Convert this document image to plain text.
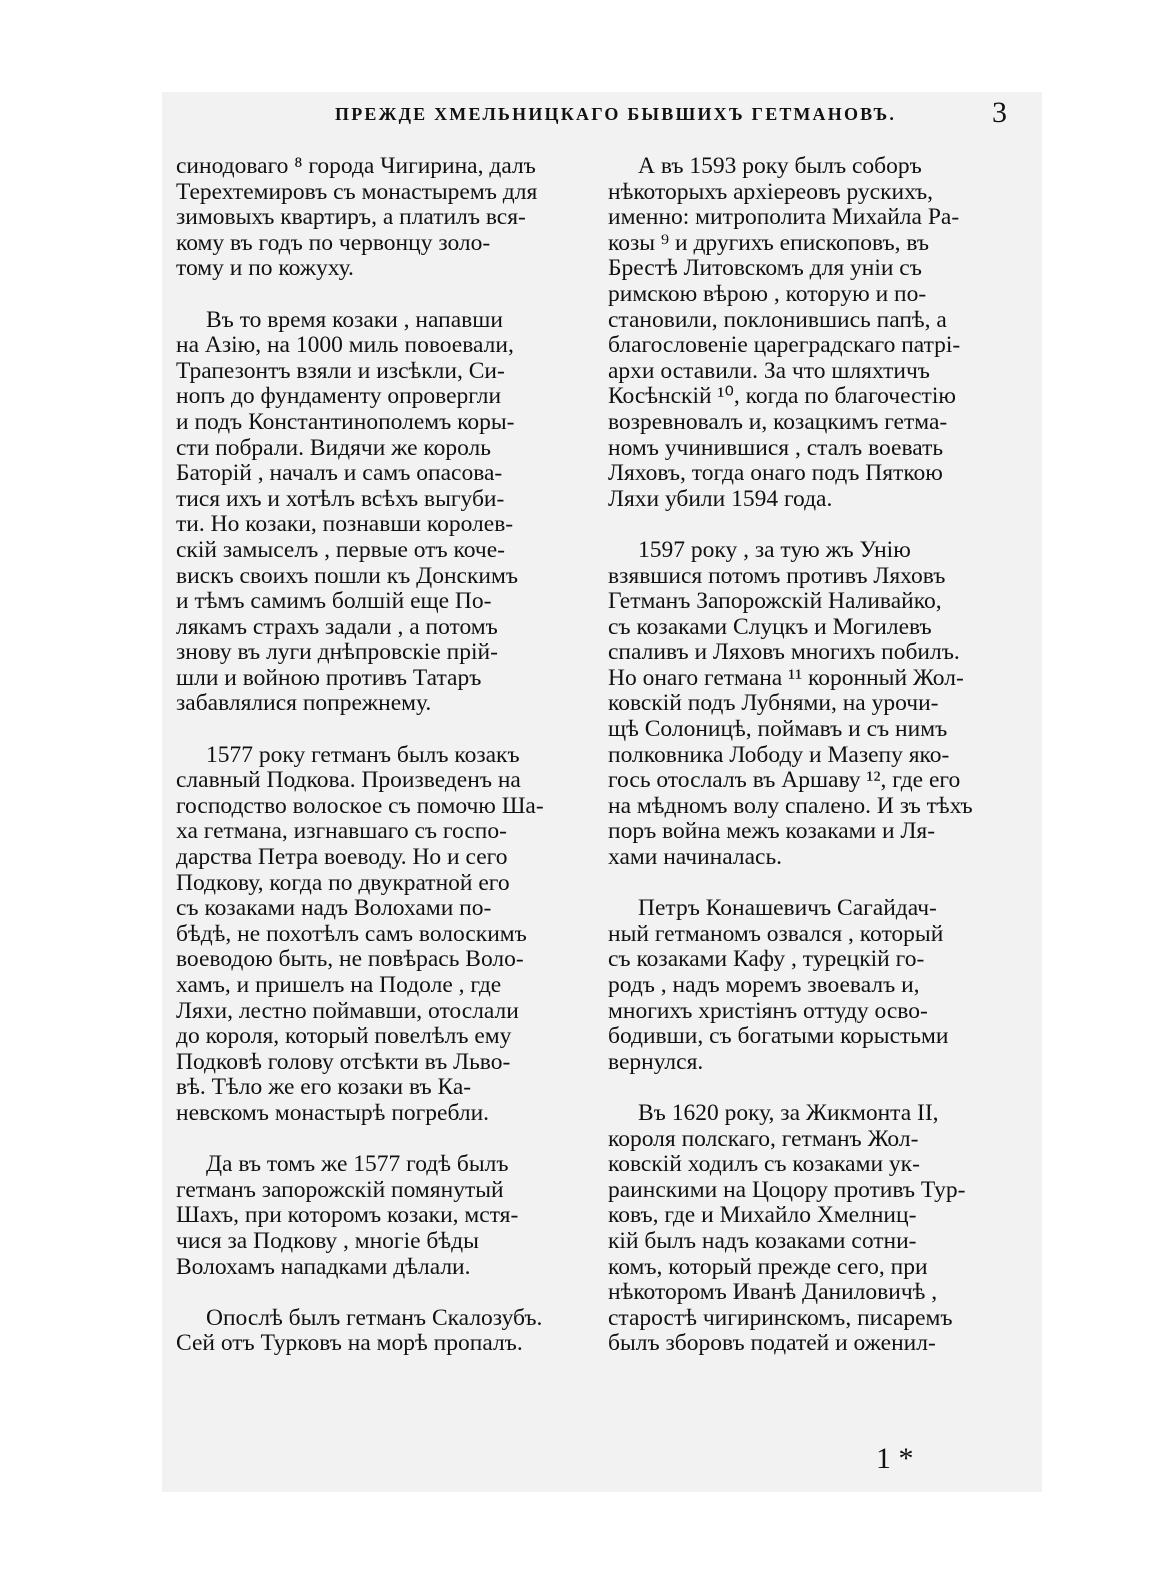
ПРЕЖДЕ ХМЕЛЬНИЦКАГО БЫВШИХЪ ГЕТМАНОВЪ.	3
синодоваго ⁸ города Чигирина, далъ
Терехтемировъ съ монастыремъ для
зимовыхъ квартиръ, а платилъ вся-
кому въ годъ по червонцу золо-
тому и по кожуху.
Въ то время козаки , напавши
на Азію, на 1000 миль повоевали,
Трапезонтъ взяли и изсѣкли, Си-
нопъ до фундаменту опровергли
и подъ Константинополемъ коры-
сти побрали. Видячи же король
Баторій , началъ и самъ опасова-
тися ихъ и хотѣлъ всѣхъ выгуби-
ти. Но козаки, познавши королев-
скій замыселъ , первые отъ коче-
вискъ своихъ пошли къ Донскимъ
и тѣмъ самимъ болшій еще По-
лякамъ страхъ задали , а потомъ
знову въ луги днѣпровскіе прій-
шли и войною противъ Татаръ
забавлялися попрежнему.
1577 року гетманъ былъ козакъ
славный Подкова. Произведенъ на
господство волоское съ помочю Ша-
ха гетмана, изгнавшаго съ госпо-
дарства Петра воеводу. Но и сего
Подкову, когда по двукратной его
съ козаками надъ Волохами по-
бѣдѣ, не похотѣлъ самъ волоскимъ
воеводою быть, не повѣрась Воло-
хамъ, и пришелъ на Подоле , где
Ляхи, лестно поймавши, отослали
до короля, который повелѣлъ ему
Подковѣ голову отсѣкти въ Льво-
вѣ. Тѣло же его козаки въ Ка-
невскомъ монастырѣ погребли.
Да въ томъ же 1577 годѣ былъ
гетманъ запорожскій помянутый
Шахъ, при которомъ козаки, мстя-
чися за Подкову , многіе бѣды
Волохамъ нападками дѣлали.
Опослѣ былъ гетманъ Скалозубъ.
Сей отъ Турковъ на морѣ пропалъ.
А въ 1593 року былъ соборъ
нѣкоторыхъ архіереовъ рускихъ,
именно: митрополита Михайла Ра-
козы ⁹ и другихъ епископовъ, въ
Брестѣ Литовскомъ для уніи съ
римскою вѣрою , которую и по-
становили, поклонившись папѣ, а
благословеніе цареградскаго патрі-
архи оставили. За что шляхтичъ
Косѣнскій ¹⁰, когда по благочестію
возревновалъ и, козацкимъ гетма-
номъ учинившися , сталъ воевать
Ляховъ, тогда онаго подъ Пяткою
Ляхи убили 1594 года.
1597 року , за тую жъ Унію
взявшися потомъ противъ Ляховъ
Гетманъ Запорожскій Наливайко,
съ козаками Слуцкъ и Могилевъ
спаливъ и Ляховъ многихъ побилъ.
Но онаго гетмана ¹¹ коронный Жол-
ковскій подъ Лубнями, на урочи-
щѣ Солоницѣ, поймавъ и съ нимъ
полковника Лободу и Мазепу яко-
гось отослалъ въ Аршаву ¹², где его
на мѣдномъ волу спалено. И зъ тѣхъ
поръ война межъ козаками и Ля-
хами начиналась.
Петръ Конашевичъ Сагайдач-
ный гетманомъ озвался , который
съ козаками Кафу , турецкій го-
родъ , надъ моремъ звоевалъ и,
многихъ христіянъ оттуду осво-
бодивши, съ богатыми корыстьми
вернулся.
Въ 1620 року, за Жикмонта II,
короля полскаго, гетманъ Жол-
ковскій ходилъ съ козаками ук-
раинскими на Цоцору противъ Тур-
ковъ, где и Михайло Хмелниц-
кій былъ надъ козаками сотни-
комъ, который прежде сего, при
нѣкоторомъ Иванѣ Даниловичѣ ,
старостѣ чигиринскомъ, писаремъ
былъ зборовъ податей и оженил-
1 *
